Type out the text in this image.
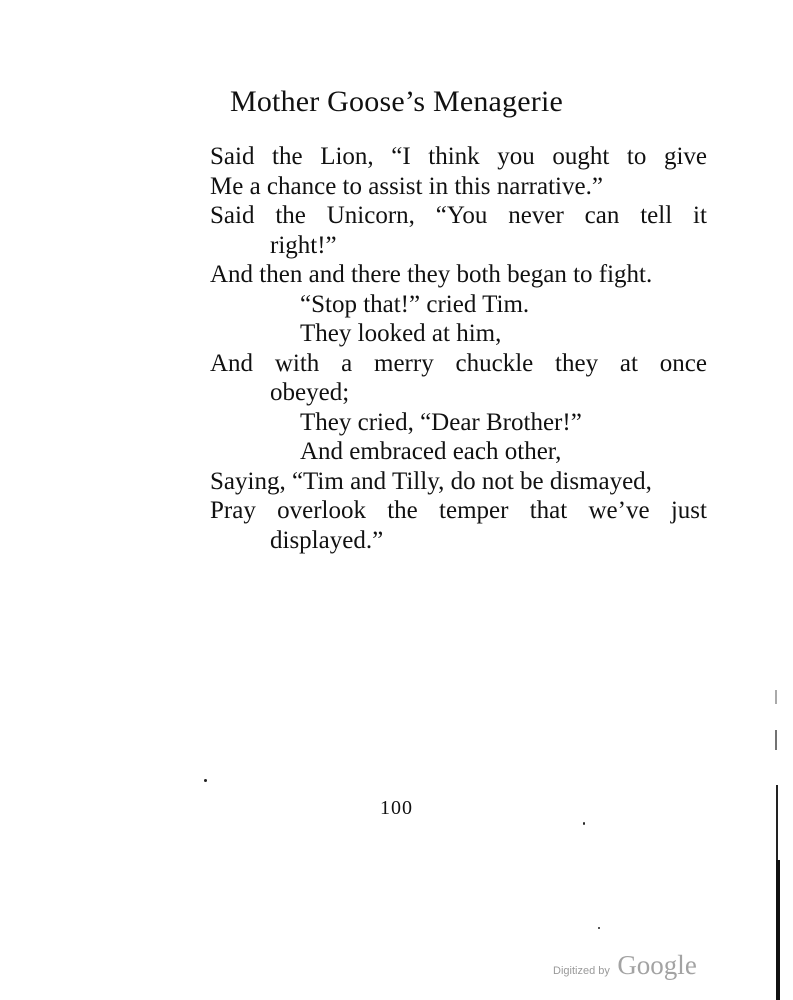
Mother Goose’s Menagerie
Said the Lion, “I think you ought to give
Me a chance to assist in this narrative.”
Said the Unicorn, “You never can tell it
right!”
And then and there they both began to fight.
“Stop that!” cried Tim.
They looked at him,
And with a merry chuckle they at once
obeyed;
They cried, “Dear Brother!”
And embraced each other,
Saying, “Tim and Tilly, do not be dismayed,
Pray overlook the temper that we’ve just
displayed.”
100
Digitized by Google
